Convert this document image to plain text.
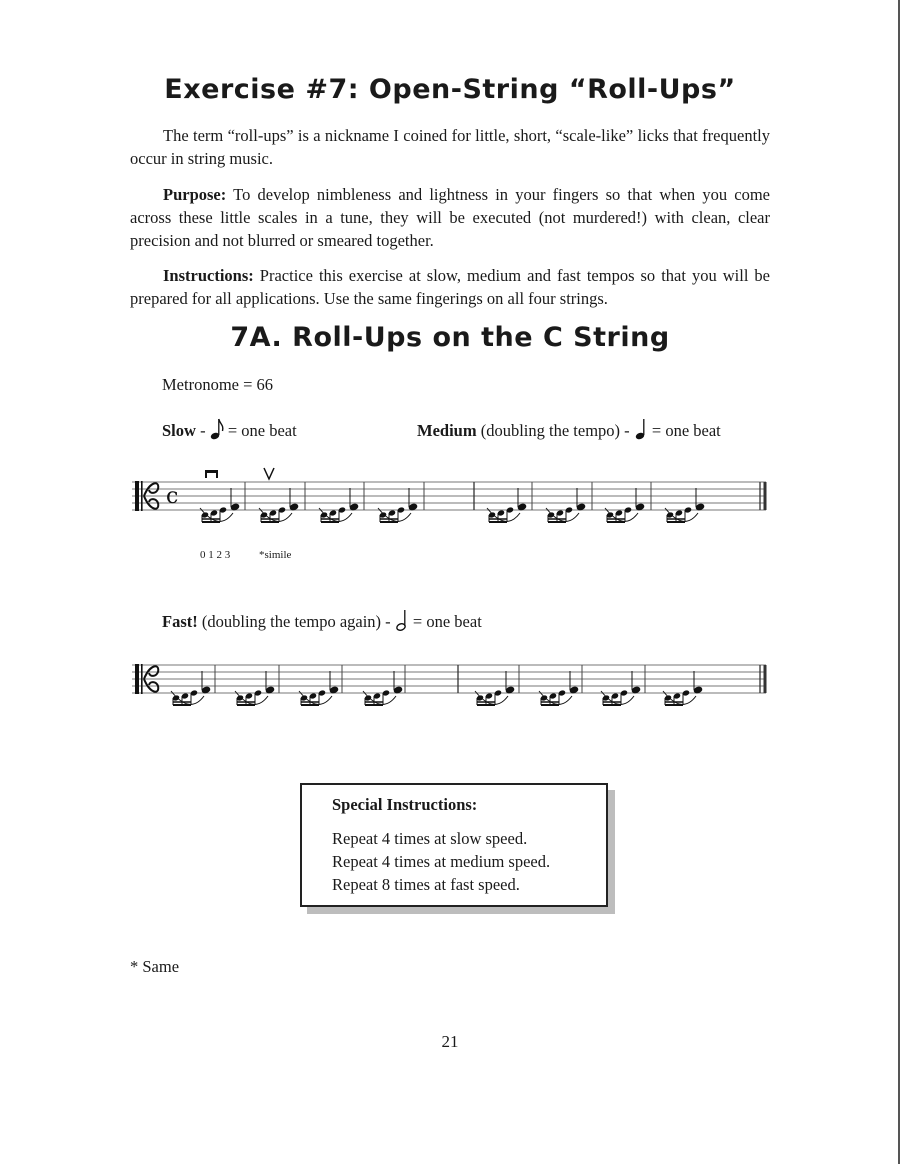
Exercise #7: Open-String “Roll-Ups”
The term “roll-ups” is a nickname I coined for little, short, “scale-like” licks that frequently occur in string music.
Purpose: To develop nimbleness and lightness in your fingers so that when you come across these little scales in a tune, they will be executed (not murdered!) with clean, clear precision and not blurred or smeared together.
Instructions: Practice this exercise at slow, medium and fast tempos so that you will be prepared for all applications. Use the same fingerings on all four strings.
7A. Roll-Ups on the C String
Metronome = 66
Slow -  = one beat	Medium (doubling the tempo) - = one beat
c
0 1 2 3	*simile
Fast! (doubling the tempo again) - = one beat
Special Instructions:
Repeat 4 times at slow speed.
Repeat 4 times at medium speed.
Repeat 8 times at fast speed.
* Same
21
